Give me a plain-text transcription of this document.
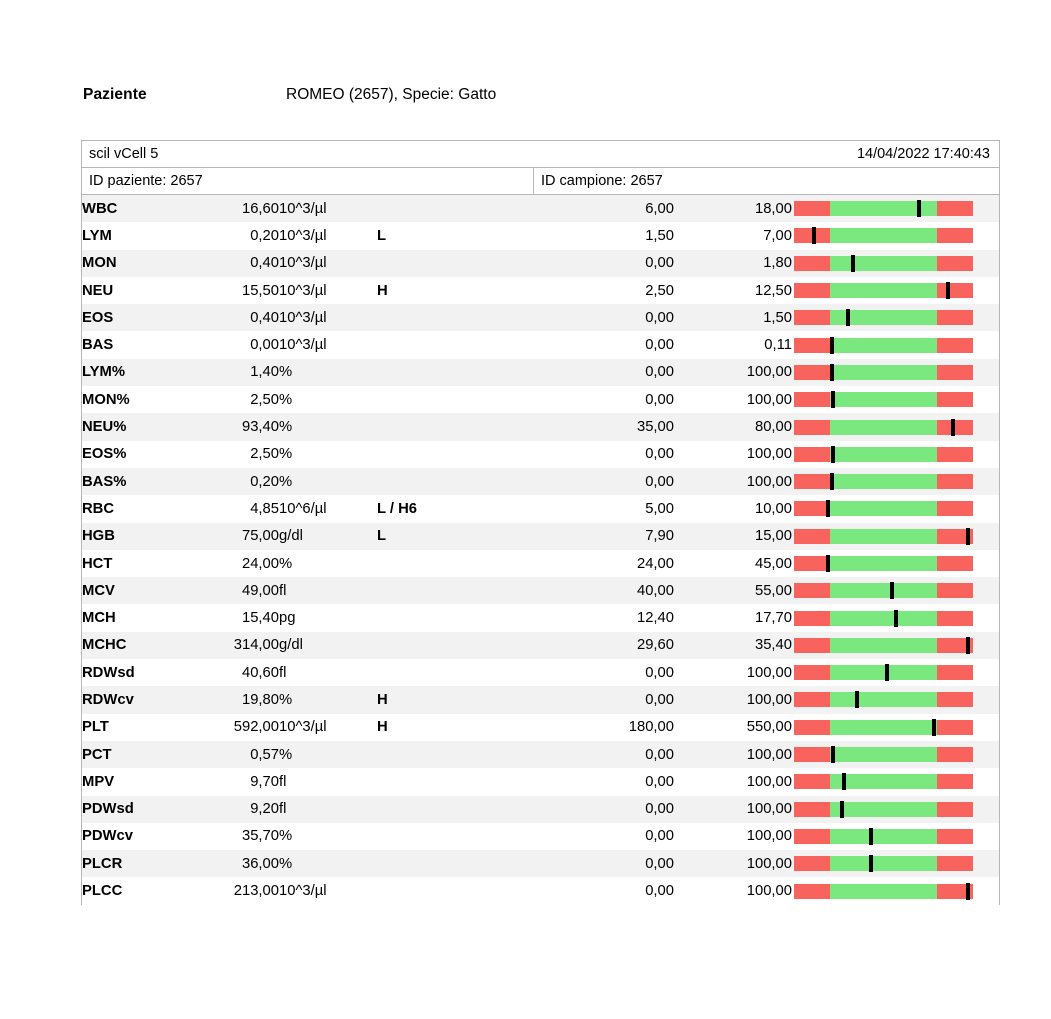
Paziente	ROMEO (2657), Specie: Gatto
scil vCell 5	14/04/2022 17:40:43
ID paziente: 2657	ID campione: 2657
WBC	16,60	10^3/µl		6,00	18,00	

LYM	0,20	10^3/µl	L	1,50	7,00	

MON	0,40	10^3/µl		0,00	1,80	

NEU	15,50	10^3/µl	H	2,50	12,50	

EOS	0,40	10^3/µl		0,00	1,50	

BAS	0,00	10^3/µl		0,00	0,11	

LYM%	1,40	%		0,00	100,00	

MON%	2,50	%		0,00	100,00	

NEU%	93,40	%		35,00	80,00	

EOS%	2,50	%		0,00	100,00	

BAS%	0,20	%		0,00	100,00	

RBC	4,85	10^6/µl	L / H6	5,00	10,00	

HGB	75,00	g/dl	L	7,90	15,00	

HCT	24,00	%		24,00	45,00	

MCV	49,00	fl		40,00	55,00	

MCH	15,40	pg		12,40	17,70	

MCHC	314,00	g/dl		29,60	35,40	

RDWsd	40,60	fl		0,00	100,00	

RDWcv	19,80	%	H	0,00	100,00	

PLT	592,00	10^3/µl	H	180,00	550,00	

PCT	0,57	%		0,00	100,00	

MPV	9,70	fl		0,00	100,00	

PDWsd	9,20	fl		0,00	100,00	

PDWcv	35,70	%		0,00	100,00	

PLCR	36,00	%		0,00	100,00	

PLCC	213,00	10^3/µl		0,00	100,00	
